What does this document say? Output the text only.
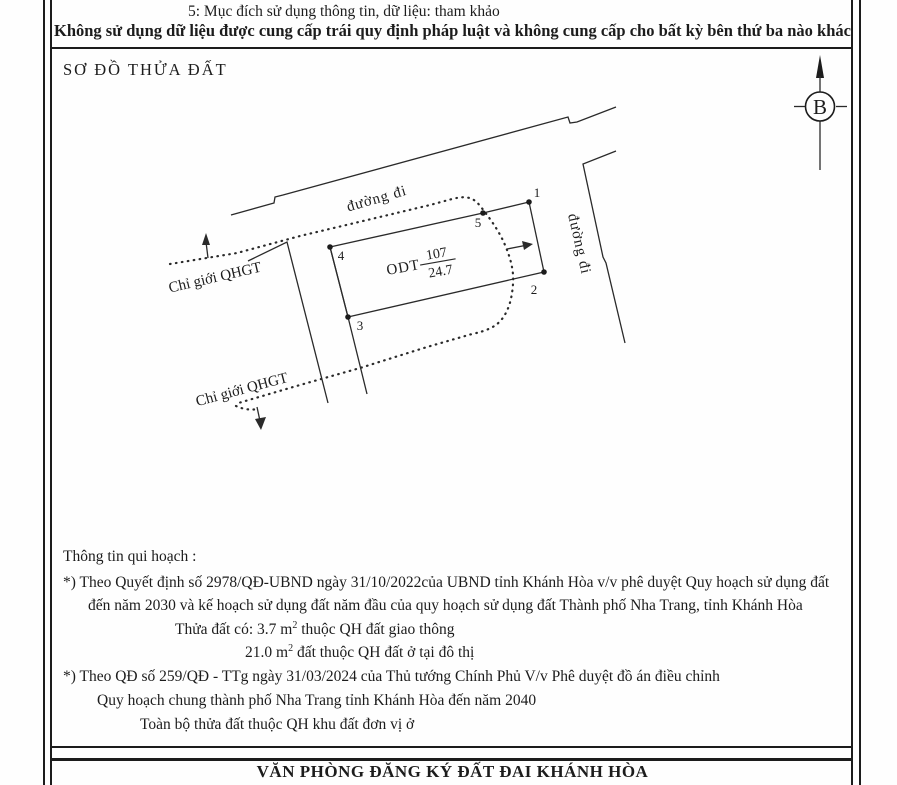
5: Mục đích sử dụng thông tin, dữ liệu: tham khảo
Không sử dụng dữ liệu được cung cấp trái quy định pháp luật và không cung cấp cho bất kỳ bên thứ ba nào khác
SƠ ĐỒ THỬA ĐẤT
1
2
3
4
5
đường đi
đường đi
Chỉ giới QHGT
Chỉ giới QHGT
ODT
107
24.7
B
Thông tin qui hoạch :
*) Theo Quyết định số 2978/QĐ-UBND ngày 31/10/2022của UBND tỉnh Khánh Hòa v/v phê duyệt Quy hoạch sử dụng đất
đến năm 2030 và kế hoạch sử dụng đất năm đầu của quy hoạch sử dụng đất Thành phố Nha Trang, tỉnh Khánh Hòa
Thửa đất có: 3.7 $m^2$ thuộc QH đất giao thông
21.0 $m^2$ đất thuộc QH đất ở tại đô thị
*) Theo QĐ số 259/QĐ - TTg ngày 31/03/2024 của Thủ tướng Chính Phủ V/v Phê duyệt đồ án điều chỉnh
Quy hoạch chung thành phố Nha Trang tỉnh Khánh Hòa đến năm 2040
Toàn bộ thửa đất thuộc QH khu đất đơn vị ở
VĂN PHÒNG ĐĂNG KÝ ĐẤT ĐAI KHÁNH HÒA
